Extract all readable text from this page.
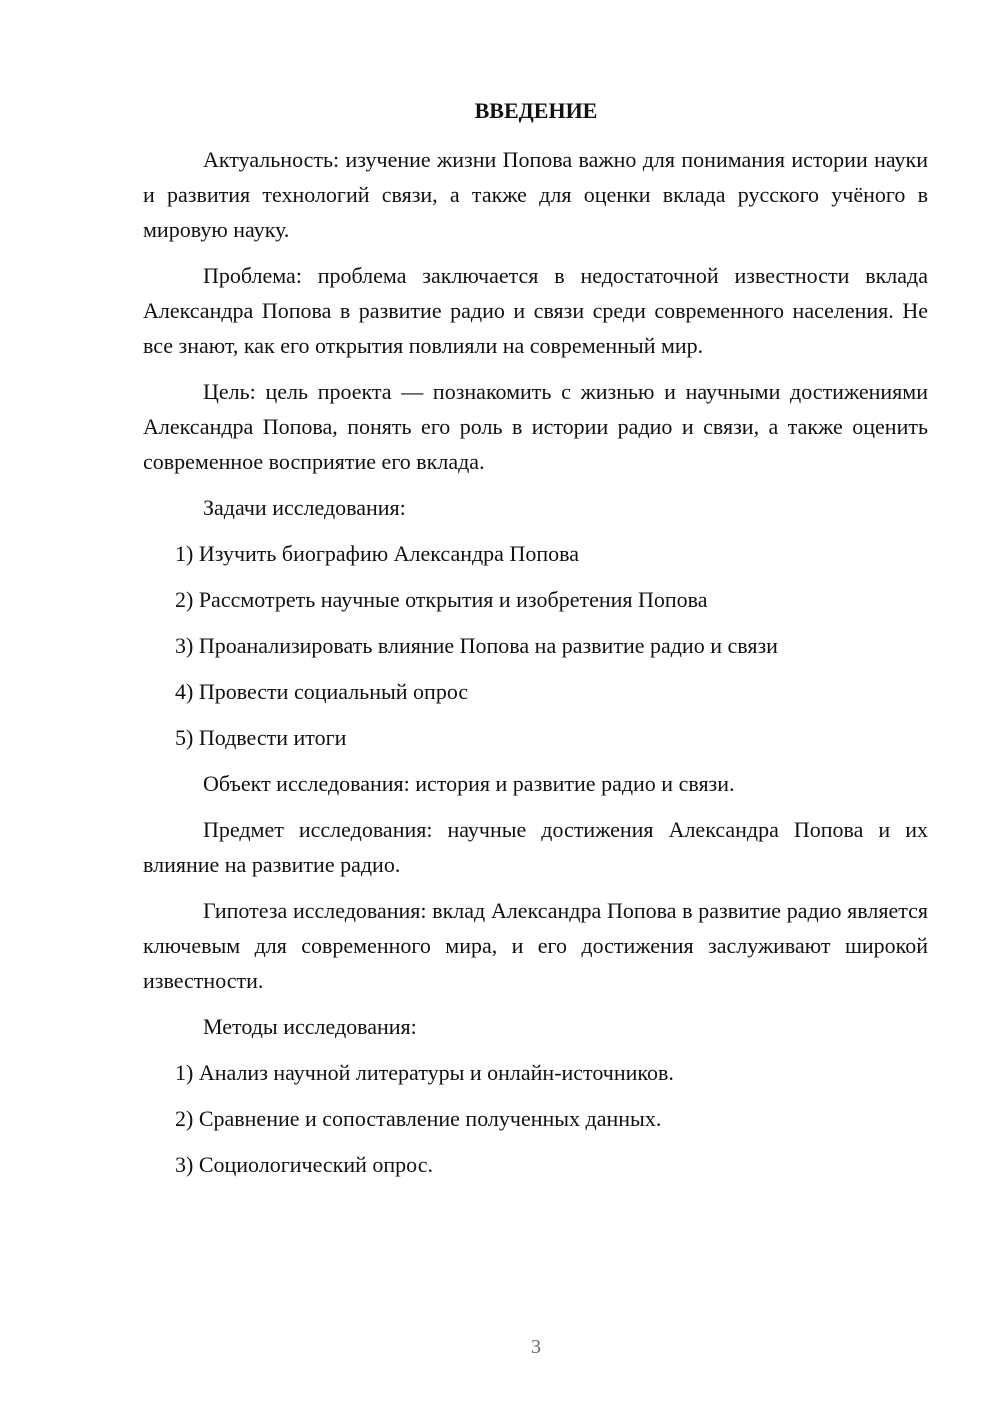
ВВЕДЕНИЕ

Актуальность: изучение жизни Попова важно для понимания истории науки и развития технологий связи, а также для оценки вклада русского учёного в мировую науку.

Проблема: проблема заключается в недостаточной известности вклада Александра Попова в развитие радио и связи среди современного населения. Не все знают, как его открытия повлияли на современный мир.

Цель: цель проекта — познакомить с жизнью и научными достижениями Александра Попова, понять его роль в истории радио и связи, а также оценить современное восприятие его вклада.

Задачи исследования:

1) Изучить биографию Александра Попова
2) Рассмотреть научные открытия и изобретения Попова
3) Проанализировать влияние Попова на развитие радио и связи
4) Провести социальный опрос
5) Подвести итоги

Объект исследования: история и развитие радио и связи.

Предмет исследования: научные достижения Александра Попова и их влияние на развитие радио.

Гипотеза исследования: вклад Александра Попова в развитие радио является ключевым для современного мира, и его достижения заслуживают широкой известности.

Методы исследования:

1) Анализ научной литературы и онлайн-источников.
2) Сравнение и сопоставление полученных данных.
3) Социологический опрос.
3
